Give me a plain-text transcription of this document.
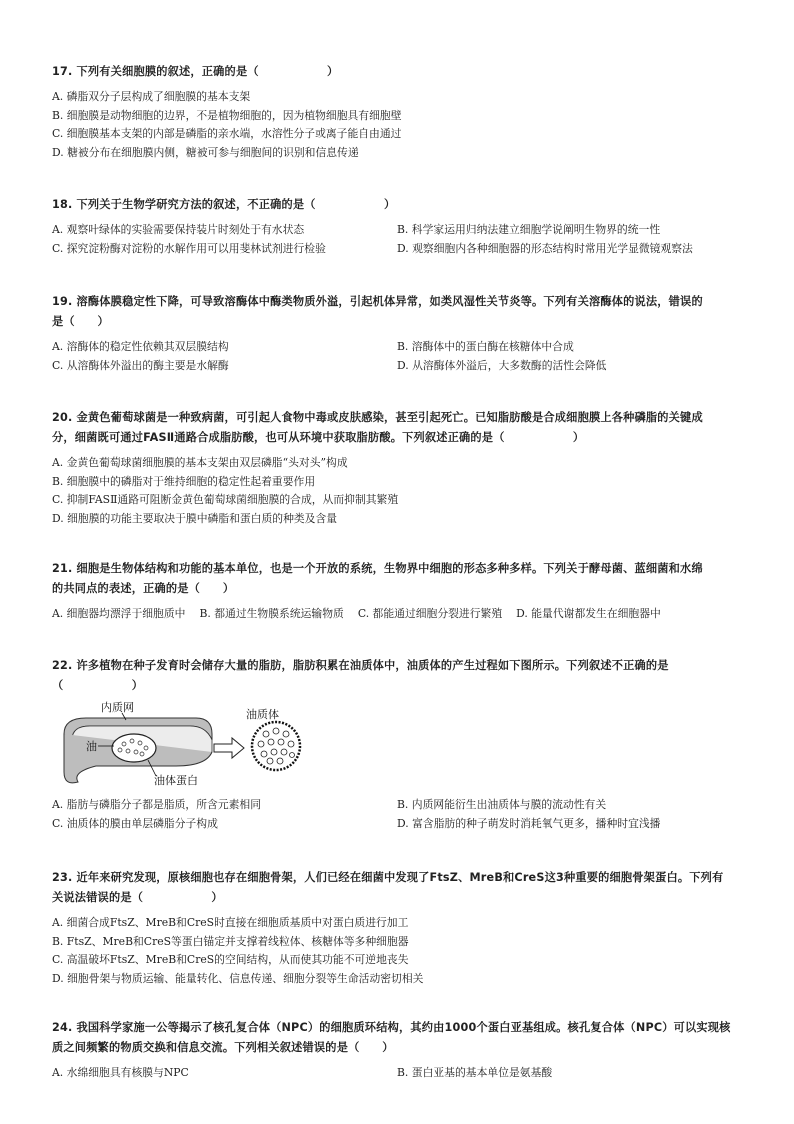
17. 下列有关细胞膜的叙述，正确的是（　　　　　　）
A. 磷脂双分子层构成了细胞膜的基本支架
B. 细胞膜是动物细胞的边界，不是植物细胞的，因为植物细胞具有细胞壁
C. 细胞膜基本支架的内部是磷脂的亲水端，水溶性分子或离子能自由通过
D. 糖被分布在细胞膜内侧，糖被可参与细胞间的识别和信息传递
18. 下列关于生物学研究方法的叙述，不正确的是（　　　　　　）
A. 观察叶绿体的实验需要保持装片时刻处于有水状态	B. 科学家运用归纳法建立细胞学说阐明生物界的统一性
C. 探究淀粉酶对淀粉的水解作用可以用斐林试剂进行检验	D. 观察细胞内各种细胞器的形态结构时常用光学显微镜观察法
19. 溶酶体膜稳定性下降，可导致溶酶体中酶类物质外溢，引起机体异常，如类风湿性关节炎等。下列有关溶酶体的说法，错误的
是（　　）
A. 溶酶体的稳定性依赖其双层膜结构	B. 溶酶体中的蛋白酶在核糖体中合成
C. 从溶酶体外溢出的酶主要是水解酶	D. 从溶酶体外溢后，大多数酶的活性会降低
20. 金黄色葡萄球菌是一种致病菌，可引起人食物中毒或皮肤感染，甚至引起死亡。已知脂肪酸是合成细胞膜上各种磷脂的关键成
分，细菌既可通过FASⅡ通路合成脂肪酸，也可从环境中获取脂肪酸。下列叙述正确的是（　　　　　　）
A. 金黄色葡萄球菌细胞膜的基本支架由双层磷脂“头对头”构成
B. 细胞膜中的磷脂对于维持细胞的稳定性起着重要作用
C. 抑制FASⅡ通路可阻断金黄色葡萄球菌细胞膜的合成，从而抑制其繁殖
D. 细胞膜的功能主要取决于膜中磷脂和蛋白质的种类及含量
21. 细胞是生物体结构和功能的基本单位，也是一个开放的系统，生物界中细胞的形态多种多样。下列关于酵母菌、蓝细菌和水绵
的共同点的表述，正确的是（　　）
A. 细胞器均漂浮于细胞质中 B. 都通过生物膜系统运输物质 C. 都能通过细胞分裂进行繁殖 D. 能量代谢都发生在细胞器中
22. 许多植物在种子发育时会储存大量的脂肪，脂肪积累在油质体中，油质体的产生过程如下图所示。下列叙述不正确的是
（　　　　　　）
内质网
油
油质体
油体蛋白
A. 脂肪与磷脂分子都是脂质，所含元素相同	B. 内质网能衍生出油质体与膜的流动性有关
C. 油质体的膜由单层磷脂分子构成	D. 富含脂肪的种子萌发时消耗氧气更多，播种时宜浅播
23. 近年来研究发现，原核细胞也存在细胞骨架，人们已经在细菌中发现了FtsZ、MreB和CreS这3种重要的细胞骨架蛋白。下列有
关说法错误的是（　　　　　　）
A. 细菌合成FtsZ、MreB和CreS时直接在细胞质基质中对蛋白质进行加工
B. FtsZ、MreB和CreS等蛋白锚定并支撑着线粒体、核糖体等多种细胞器
C. 高温破坏FtsZ、MreB和CreS的空间结构，从而使其功能不可逆地丧失
D. 细胞骨架与物质运输、能量转化、信息传递、细胞分裂等生命活动密切相关
24. 我国科学家施一公等揭示了核孔复合体（NPC）的细胞质环结构，其约由1000个蛋白亚基组成。核孔复合体（NPC）可以实现核
质之间频繁的物质交换和信息交流。下列相关叙述错误的是（　　）
A. 水绵细胞具有核膜与NPC	B. 蛋白亚基的基本单位是氨基酸
